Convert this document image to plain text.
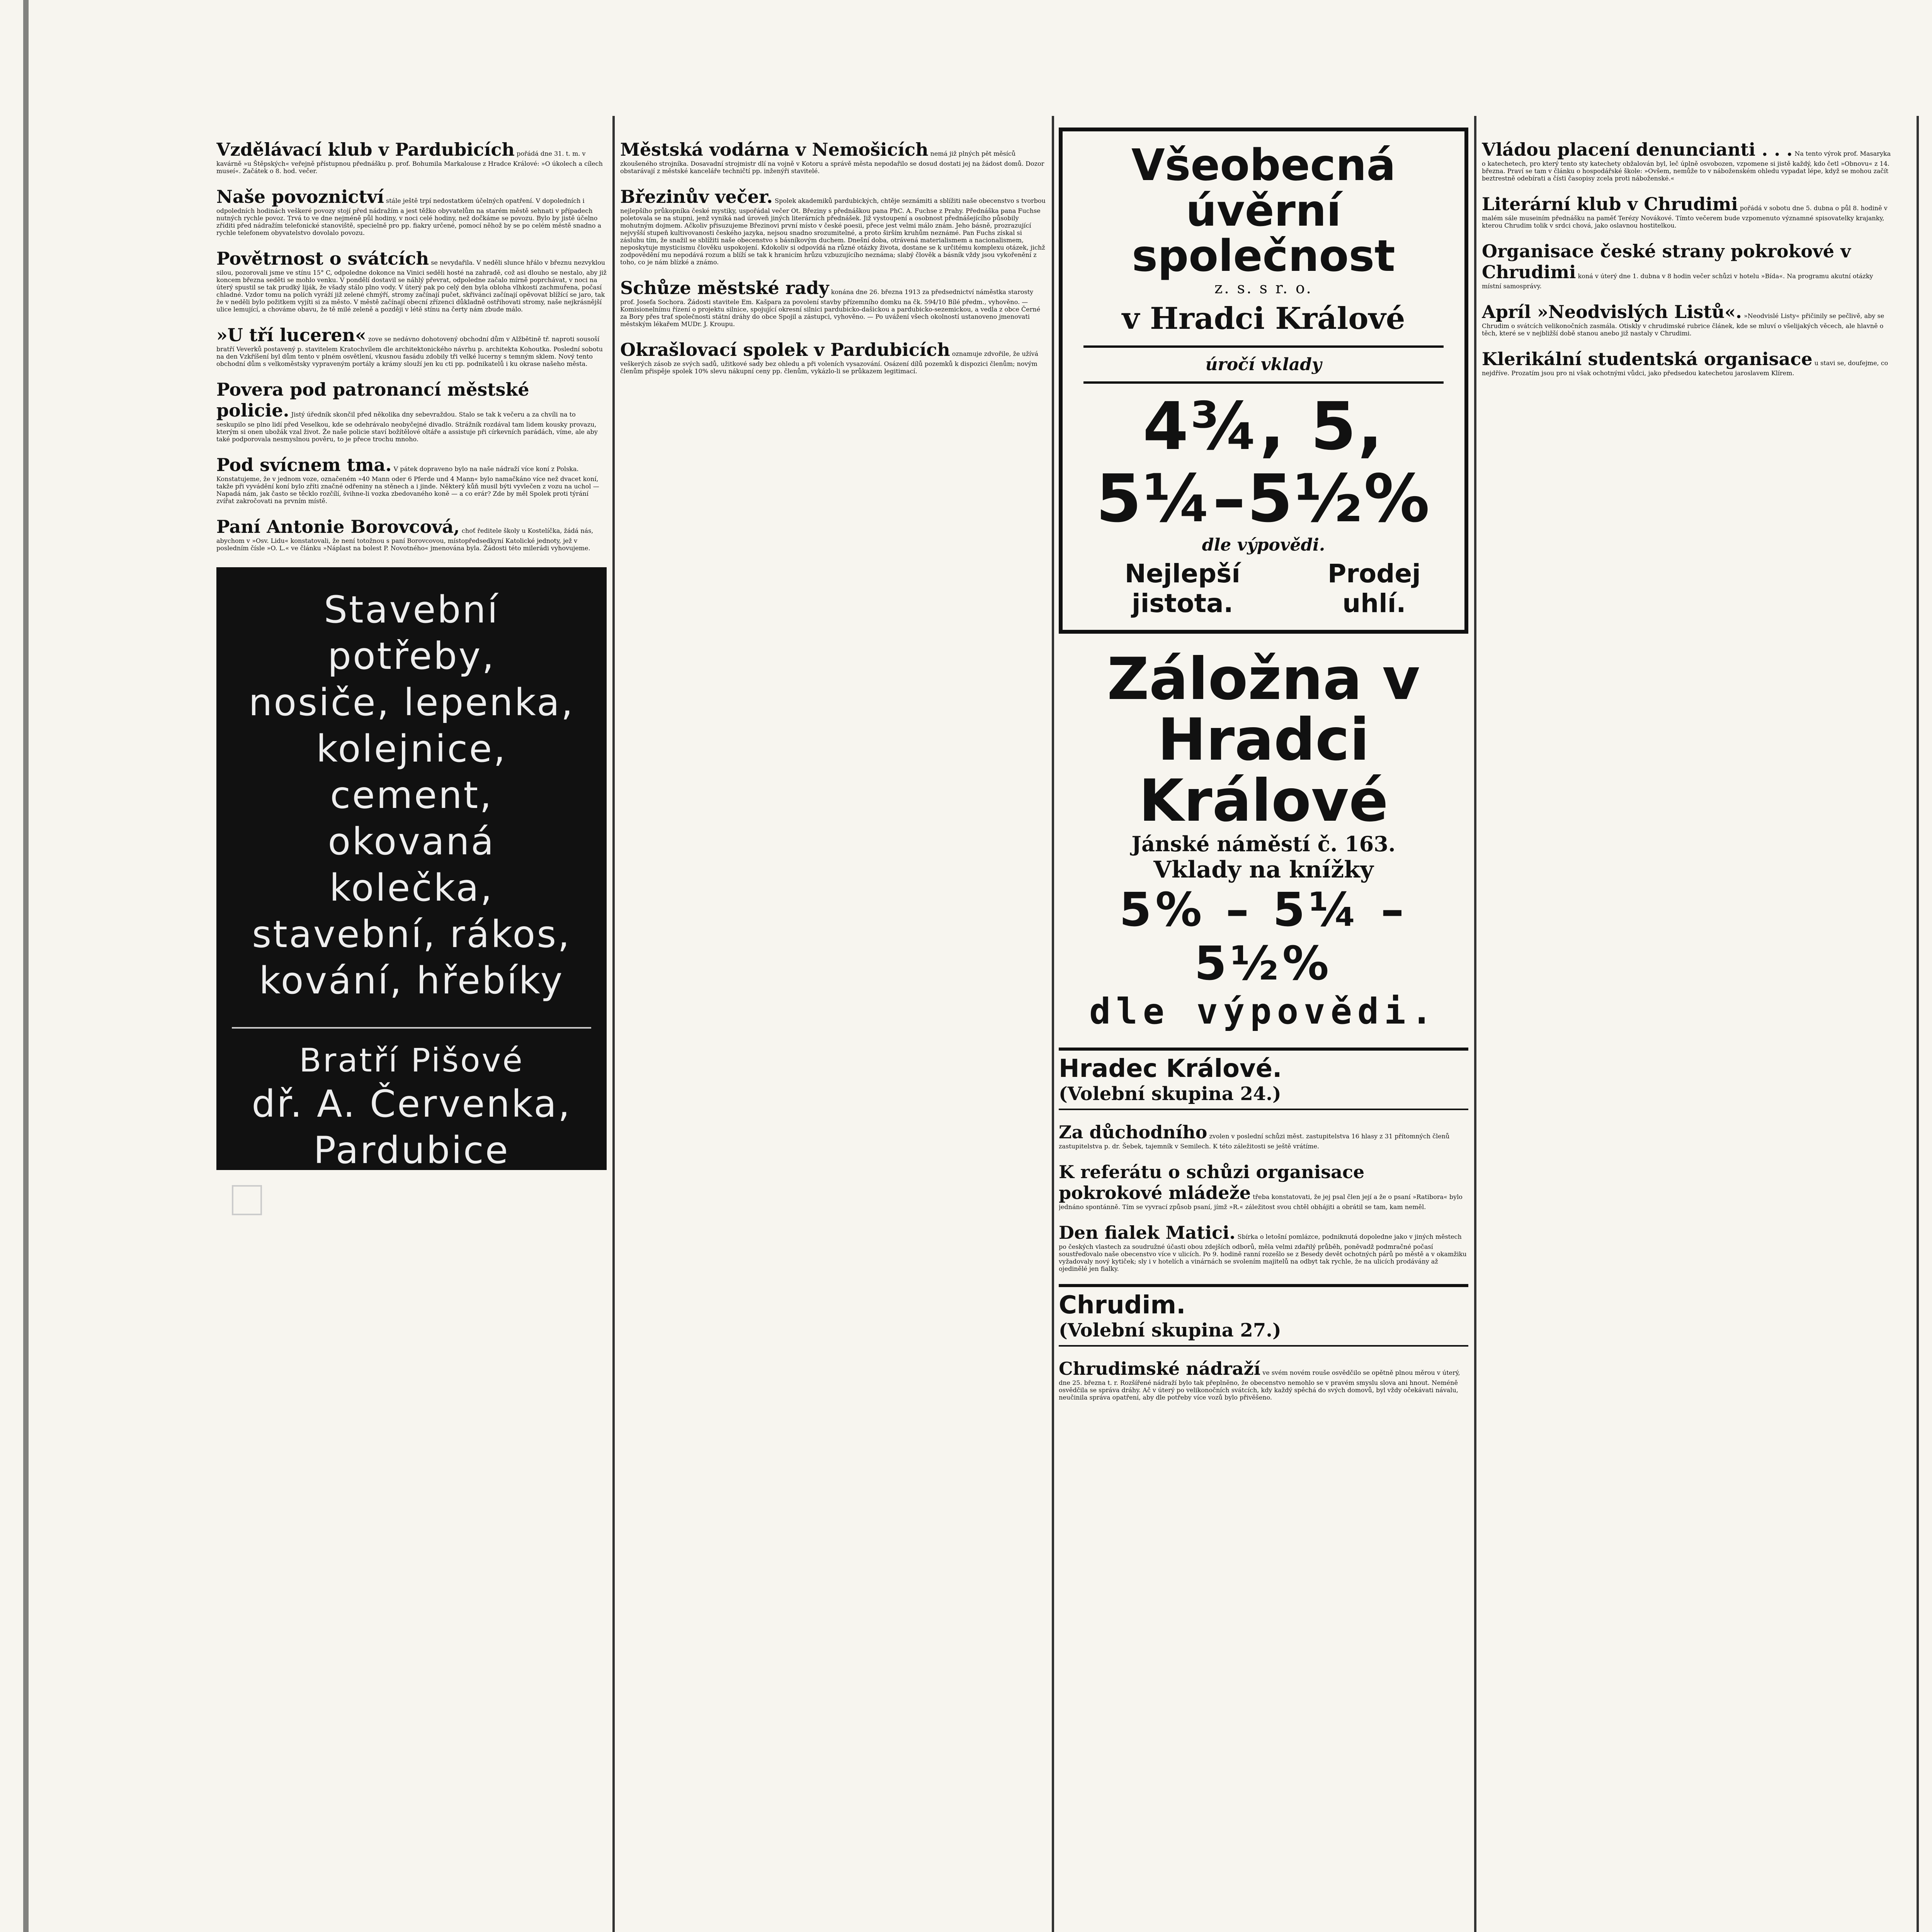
Vzdělávací klub v Pardubicích pořádá dne 31. t. m. v kavárně »u Štěpských« veřejně přístupnou přednášku p. prof. Bohumila Markalouse z Hradce Králové: »O úkolech a cílech museí«. Začátek o 8. hod. večer.

Naše povoznictví stále ještě trpí nedostatkem účelných opatření. V dopoledních i odpoledních hodinách veškeré povozy stojí před nádražím a jest těžko obyvatelům na starém městě sehnati v případech nutných rychle povoz. Trvá to ve dne nejméně půl hodiny, v noci celé hodiny, než dočkáme se povozu. Bylo by jistě účelno zříditi před nádražím telefonické stanoviště, specielně pro pp. fiakry určené, pomocí něhož by se po celém městě snadno a rychle telefonem obyvatelstvo dovolalo povozu.

Povětrnost o svátcích se nevydařila. V neděli slunce hřálo v březnu nezvyklou silou, pozorovali jsme ve stínu 15° C, odpoledne dokonce na Vinici seděli hosté na zahradě, což asi dlouho se nestalo, aby již koncem března seděti se mohlo venku. V pondělí dostavil se náhlý převrat, odpoledne začalo mírně poprchávat, v noci na úterý spustil se tak prudký liják, že všady stálo plno vody. V úterý pak po celý den byla obloha vlhkostí zachmuřena, počasí chladné. Vzdor tomu na polích vyráží již zelené chmýří, stromy začínají pučet, skřivánci začínají opěvovat blížící se jaro, tak že v neděli bylo požitkem vyjíti si za město. V městě začínají obecní zřízenci důkladně ostřihovati stromy, naše nejkrásnější ulice lemující, a chováme obavu, že tě milé zeleně a později v létě stínu na čerty nám zbude málo.

»U tří luceren« zove se nedávno dohotovený obchodní dům v Alžbětině tř. naproti sousoší bratří Veverků postavený p. stavitelem Kratochvílem dle architektonického návrhu p. architekta Kohoutka. Poslední sobotu na den Vzkříšení byl dům tento v plném osvětlení, vkusnou fasádu zdobily tři velké lucerny s temným sklem. Nový tento obchodní dům s velkoměstsky vypraveným portály a krámy slouží jen ku cti pp. podnikatelů i ku okrase našeho města.

Povera pod patronancí městské policie. Jistý úředník skončil před několika dny sebevraždou. Stalo se tak k večeru a za chvíli na to seskupilo se plno lidí před Veselkou, kde se odehrávalo neobyčejné divadlo. Strážník rozdával tam lidem kousky provazu, kterým si onen ubožák vzal život. Že naše policie staví božítělové oltáře a assistuje při církevních parádách, víme, ale aby také podporovala nesmyslnou pověru, to je přece trochu mnoho.

Pod svícnem tma. V pátek dopraveno bylo na naše nádraží více koní z Polska. Konstatujeme, že v jednom voze, označeném »40 Mann oder 6 Pferde und 4 Mann« bylo namačkáno více než dvacet koní, takže při vyvádění koní bylo zříti značné odřeniny na stěnech a i jinde. Některý kůň musil býti vyvlečen z vozu na uchol — Napadá nám, jak často se těcklo rozčílí, švihne-li vozka zbedovaného koně — a co erár? Zde by měl Spolek proti týrání zvířat zakročovati na prvním místě.

Paní Antonie Borovcová, choť ředitele školy u Kostelíčka, žádá nás, abychom v »Osv. Lidu« konstatovali, že není totožnou s paní Borovcovou, místopředsedkyní Katolické jednoty, jež v posledním čísle »O. L.« ve článku »Náplast na bolest P. Novotného« jmenována byla. Žádosti této milerádi vyhovujeme.

Stavební
potřeby,
nosiče, lepenka,
kolejnice, cement,
okovaná
kolečka,
stavební, rákos,
kování, hřebíky
Bratří Pišové
dř. A. Červenka,
Pardubice

Městská vodárna v Nemošicích nemá již plných pět měsíců zkoušeného strojníka. Dosavadní strojmistr dlí na vojně v Kotoru a správě města nepodařilo se dosud dostati jej na žádost domů. Dozor obstarávají z městské kanceláře techničtí pp. inženýři stavitelé.

Březinův večer. Spolek akademiků pardubických, chtěje seznámiti a sblížiti naše obecenstvo s tvorbou nejlepšího průkopníka české mystiky, uspořádal večer Ot. Březiny s přednáškou pana PhC. A. Fuchse z Prahy. Přednáška pana Fuchse poletovala se na stupni, jenž vyniká nad úroveň jiných literárních přednášek. Již vystoupení a osobnost přednášejícího působily mohutným dojmem. Ačkoliv přisuzujeme Březinovi první místo v české poesii, přece jest velmi málo znám. Jeho básně, prozrazující nejvyšší stupeň kultivovanosti českého jazyka, nejsou snadno srozumitelné, a proto širším kruhům neznámé. Pan Fuchs získal si zásluhu tím, že snažil se sblížiti naše obecenstvo s básníkovým duchem. Dnešní doba, otrávená materialismem a nacionalismem, neposkytuje mysticismu člověku uspokojení. Kdokoliv si odpovídá na různé otázky života, dostane se k určitému komplexu otázek, jichž zodpovědění mu nepodává rozum a blíží se tak k hranicím hrůzu vzbuzujícího neznáma; slabý člověk a básník vždy jsou vykořenění z toho, co je nám blízké a známo.

Schůze městské rady konána dne 26. března 1913 za předsednictví náměstka starosty prof. Josefa Sochora. Žádosti stavitele Em. Kašpara za povolení stavby přízemního domku na čk. 594/10 Bílé předm., vyhověno. — Komisionelnímu řízení o projektu silnice, spojující okresní silnici pardubicko-dašickou a pardubicko-sezemickou, a vedla z obce Černé za Bory přes trať společnosti státní dráhy do obce Spojil a zástupci, vyhověno. — Po uvážení všech okolností ustanoveno jmenovati městským lékařem MUDr. J. Kroupu.

Okrašlovací spolek v Pardubicích oznamuje zdvořile, že užívá veškerých zásob ze svých sadů, užitkové sady bez ohledu a při voleních vysazování. Osázení dílů pozemků k dispozici členům; novým členům přispěje spolek 10% slevu nákupní ceny pp. členům, vykázlo-li se průkazem legitimací.

Všeobecná
úvěrní společnost
z. s. s r. o.
v Hradci Králové
úročí vklady
4¾, 5, 5¼–5½%
dle výpovědi.
Nejlepší jistota.
Prodej uhlí.
Záložna v Hradci Králové
Jánské náměstí č. 163.
Vklady na knížky
5% – 5¼ – 5½%
dle výpovědi.
Hradec Králové.
(Volební skupina 24.)

Za důchodního zvolen v poslední schůzi měst. zastupitelstva 16 hlasy z 31 přítomných členů zastupitelstva p. dr. Šebek, tajemník v Semilech. K této záležitosti se ještě vrátíme.

K referátu o schůzi organisace pokrokové mládeže třeba konstatovati, že jej psal člen její a že o psaní »Ratibora« bylo jednáno spontánně. Tím se vyvrací způsob psaní, jímž »R.« záležitost svou chtěl obhájiti a obrátil se tam, kam neměl.

Den fialek Matici. Sbírka o letošní pomlázce, podniknutá dopoledne jako v jiných městech po českých vlastech za soudružné účasti obou zdejších odborů, měla velmi zdařilý průběh, poněvadž podmračné počasí soustřeďovalo naše obecenstvo více v ulicích. Po 9. hodině ranní rozešlo se z Besedy devět ochotných párů po městě a v okamžiku vyžadovaly nový kytiček; sly i v hotelích a vinárnách se svolením majitelů na odbyt tak rychle, že na ulicích prodávány až ojedinělé jen fialky.

Chrudim.
(Volební skupina 27.)

Chrudimské nádraží ve svém novém rouše osvědčilo se opětně plnou měrou v úterý, dne 25. března t. r. Rozšířené nádraží bylo tak přeplněno, že obecenstvo nemohlo se v pravém smyslu slova ani hnout. Neméně osvědčila se správa dráhy. Ač v úterý po velikonočních svátcích, kdy každý spěchá do svých domovů, byl vždy očekávati návalu, neučinila správa opatření, aby dle potřeby více vozů bylo přivěšeno.

Vládou placení denuncianti . . . Na tento výrok prof. Masaryka o katechetech, pro který tento sty katechety obžalován byl, leč úplně osvobozen, vzpomene si jistě každý, kdo četl »Obnovu« z 14. března. Praví se tam v článku o hospodářské škole: »Ovšem, nemůže to v náboženském ohledu vypadat lépe, když se mohou začít beztrestně odebírati a čísti časopisy zcela proti náboženské.«

Literární klub v Chrudimi pořádá v sobotu dne 5. dubna o půl 8. hodině v malém sále museiním přednášku na paměť Terézy Novákové. Tímto večerem bude vzpomenuto významné spisovatelky krajanky, kterou Chrudim tolik v srdci chová, jako oslavnou hostitelkou.

Organisace české strany pokrokové v Chrudimi koná v úterý dne 1. dubna v 8 hodin večer schůzi v hotelu »Bída«. Na programu akutní otázky místní samosprávy.

Apríl »Neodvislých Listů«. »Neodvislé Listy« přičinily se pečlivě, aby se Chrudim o svátcích velikonočních zasmála. Otiskly v chrudimské rubrice článek, kde se mluví o všelijakých věcech, ale hlavně o těch, které se v nejbližší době stanou anebo již nastaly v Chrudimi.

Klerikální studentská organisace u stavi se, doufejme, co nejdříve. Prozatím jsou pro ni však ochotnými vůdci, jako předsedou katechetou jaroslavem Klírem.
